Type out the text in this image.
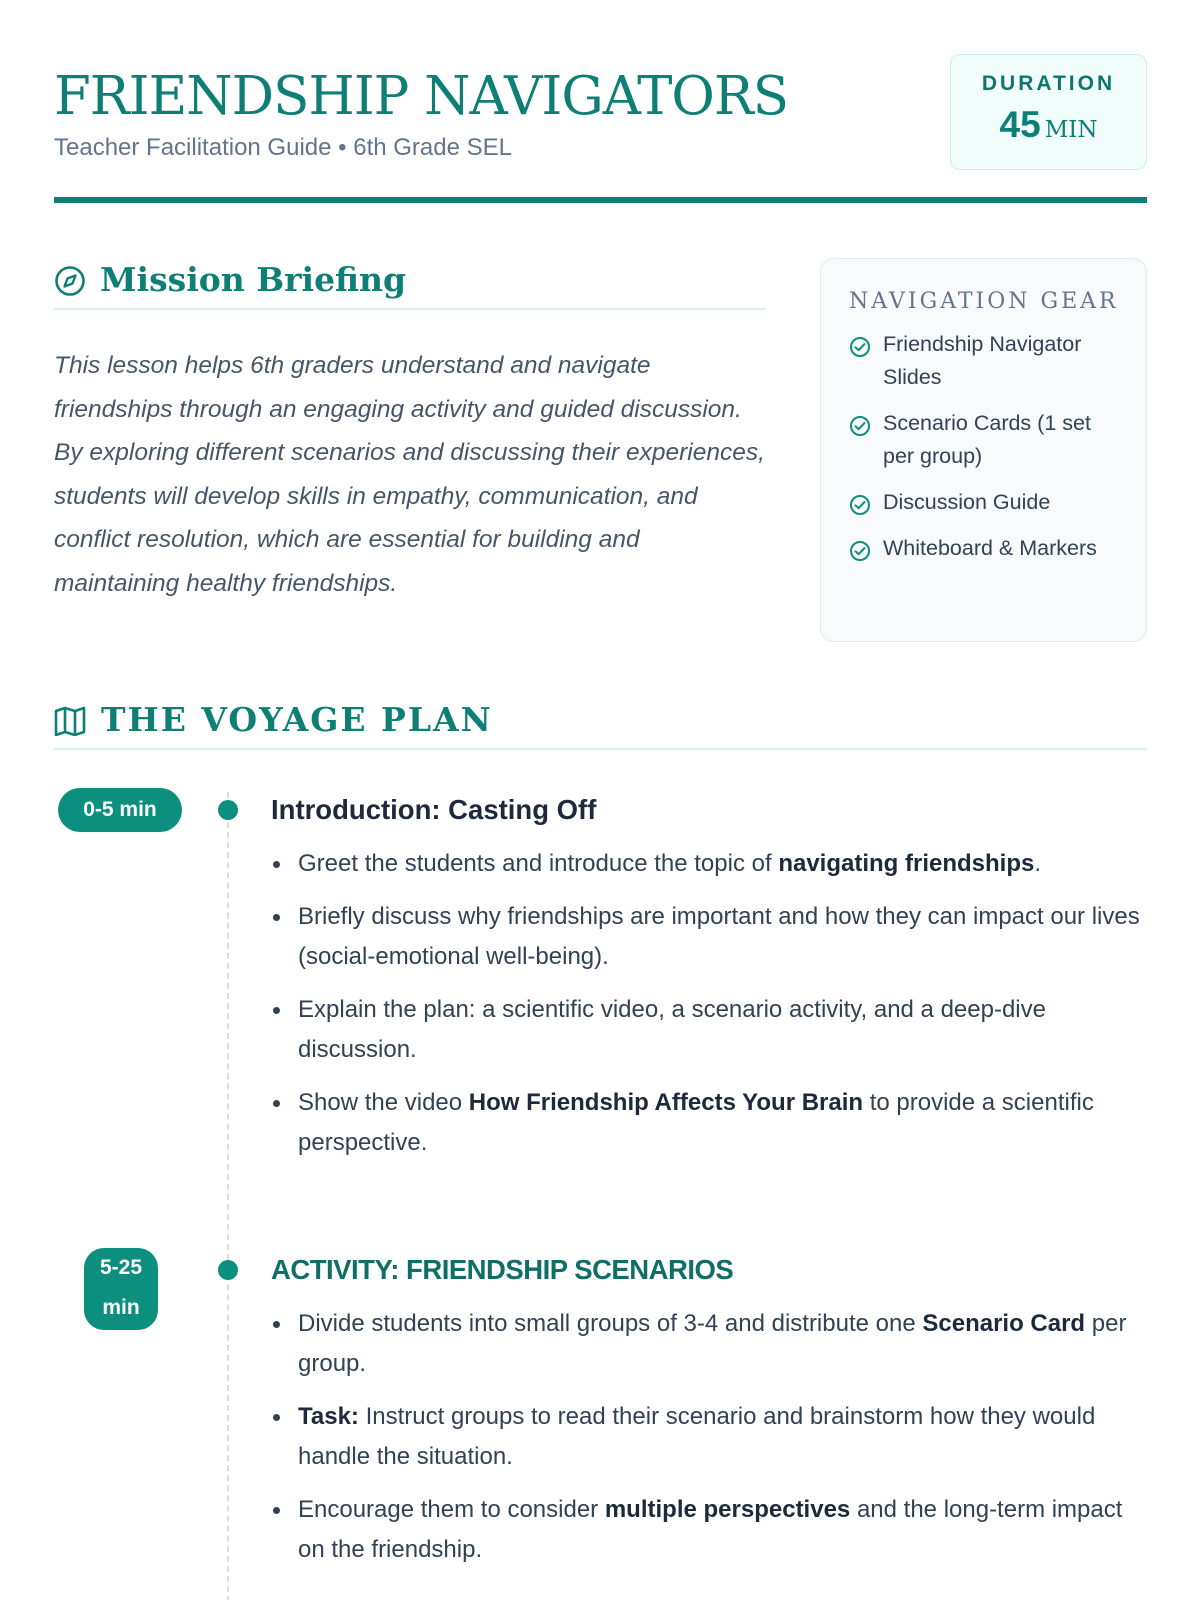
FRIENDSHIP NAVIGATORS
Teacher Facilitation Guide • 6th Grade SEL
DURATION
45 MIN
Mission Briefing

This lesson helps 6th graders understand and navigate friendships through an engaging activity and guided discussion. By exploring different scenarios and discussing their experiences, students will develop skills in empathy, communication, and conflict resolution, which are essential for building and maintaining healthy friendships.

NAVIGATION GEAR
Friendship Navigator Slides
Scenario Cards (1 set per group)
Discussion Guide
Whiteboard & Markers
THE VOYAGE PLAN
0-5 min	Introduction: Casting Off
Greet the students and introduce the topic of navigating friendships.
Briefly discuss why friendships are important and how they can impact our lives (social-emotional well-being).
Explain the plan: a scientific video, a scenario activity, and a deep-dive discussion.
Show the video How Friendship Affects Your Brain to provide a scientific perspective.
5-25
min
ACTIVITY: FRIENDSHIP SCENARIOS
Divide students into small groups of 3-4 and distribute one Scenario Card per group.
Task: Instruct groups to read their scenario and brainstorm how they would handle the situation.
Encourage them to consider multiple perspectives and the long-term impact on the friendship.
